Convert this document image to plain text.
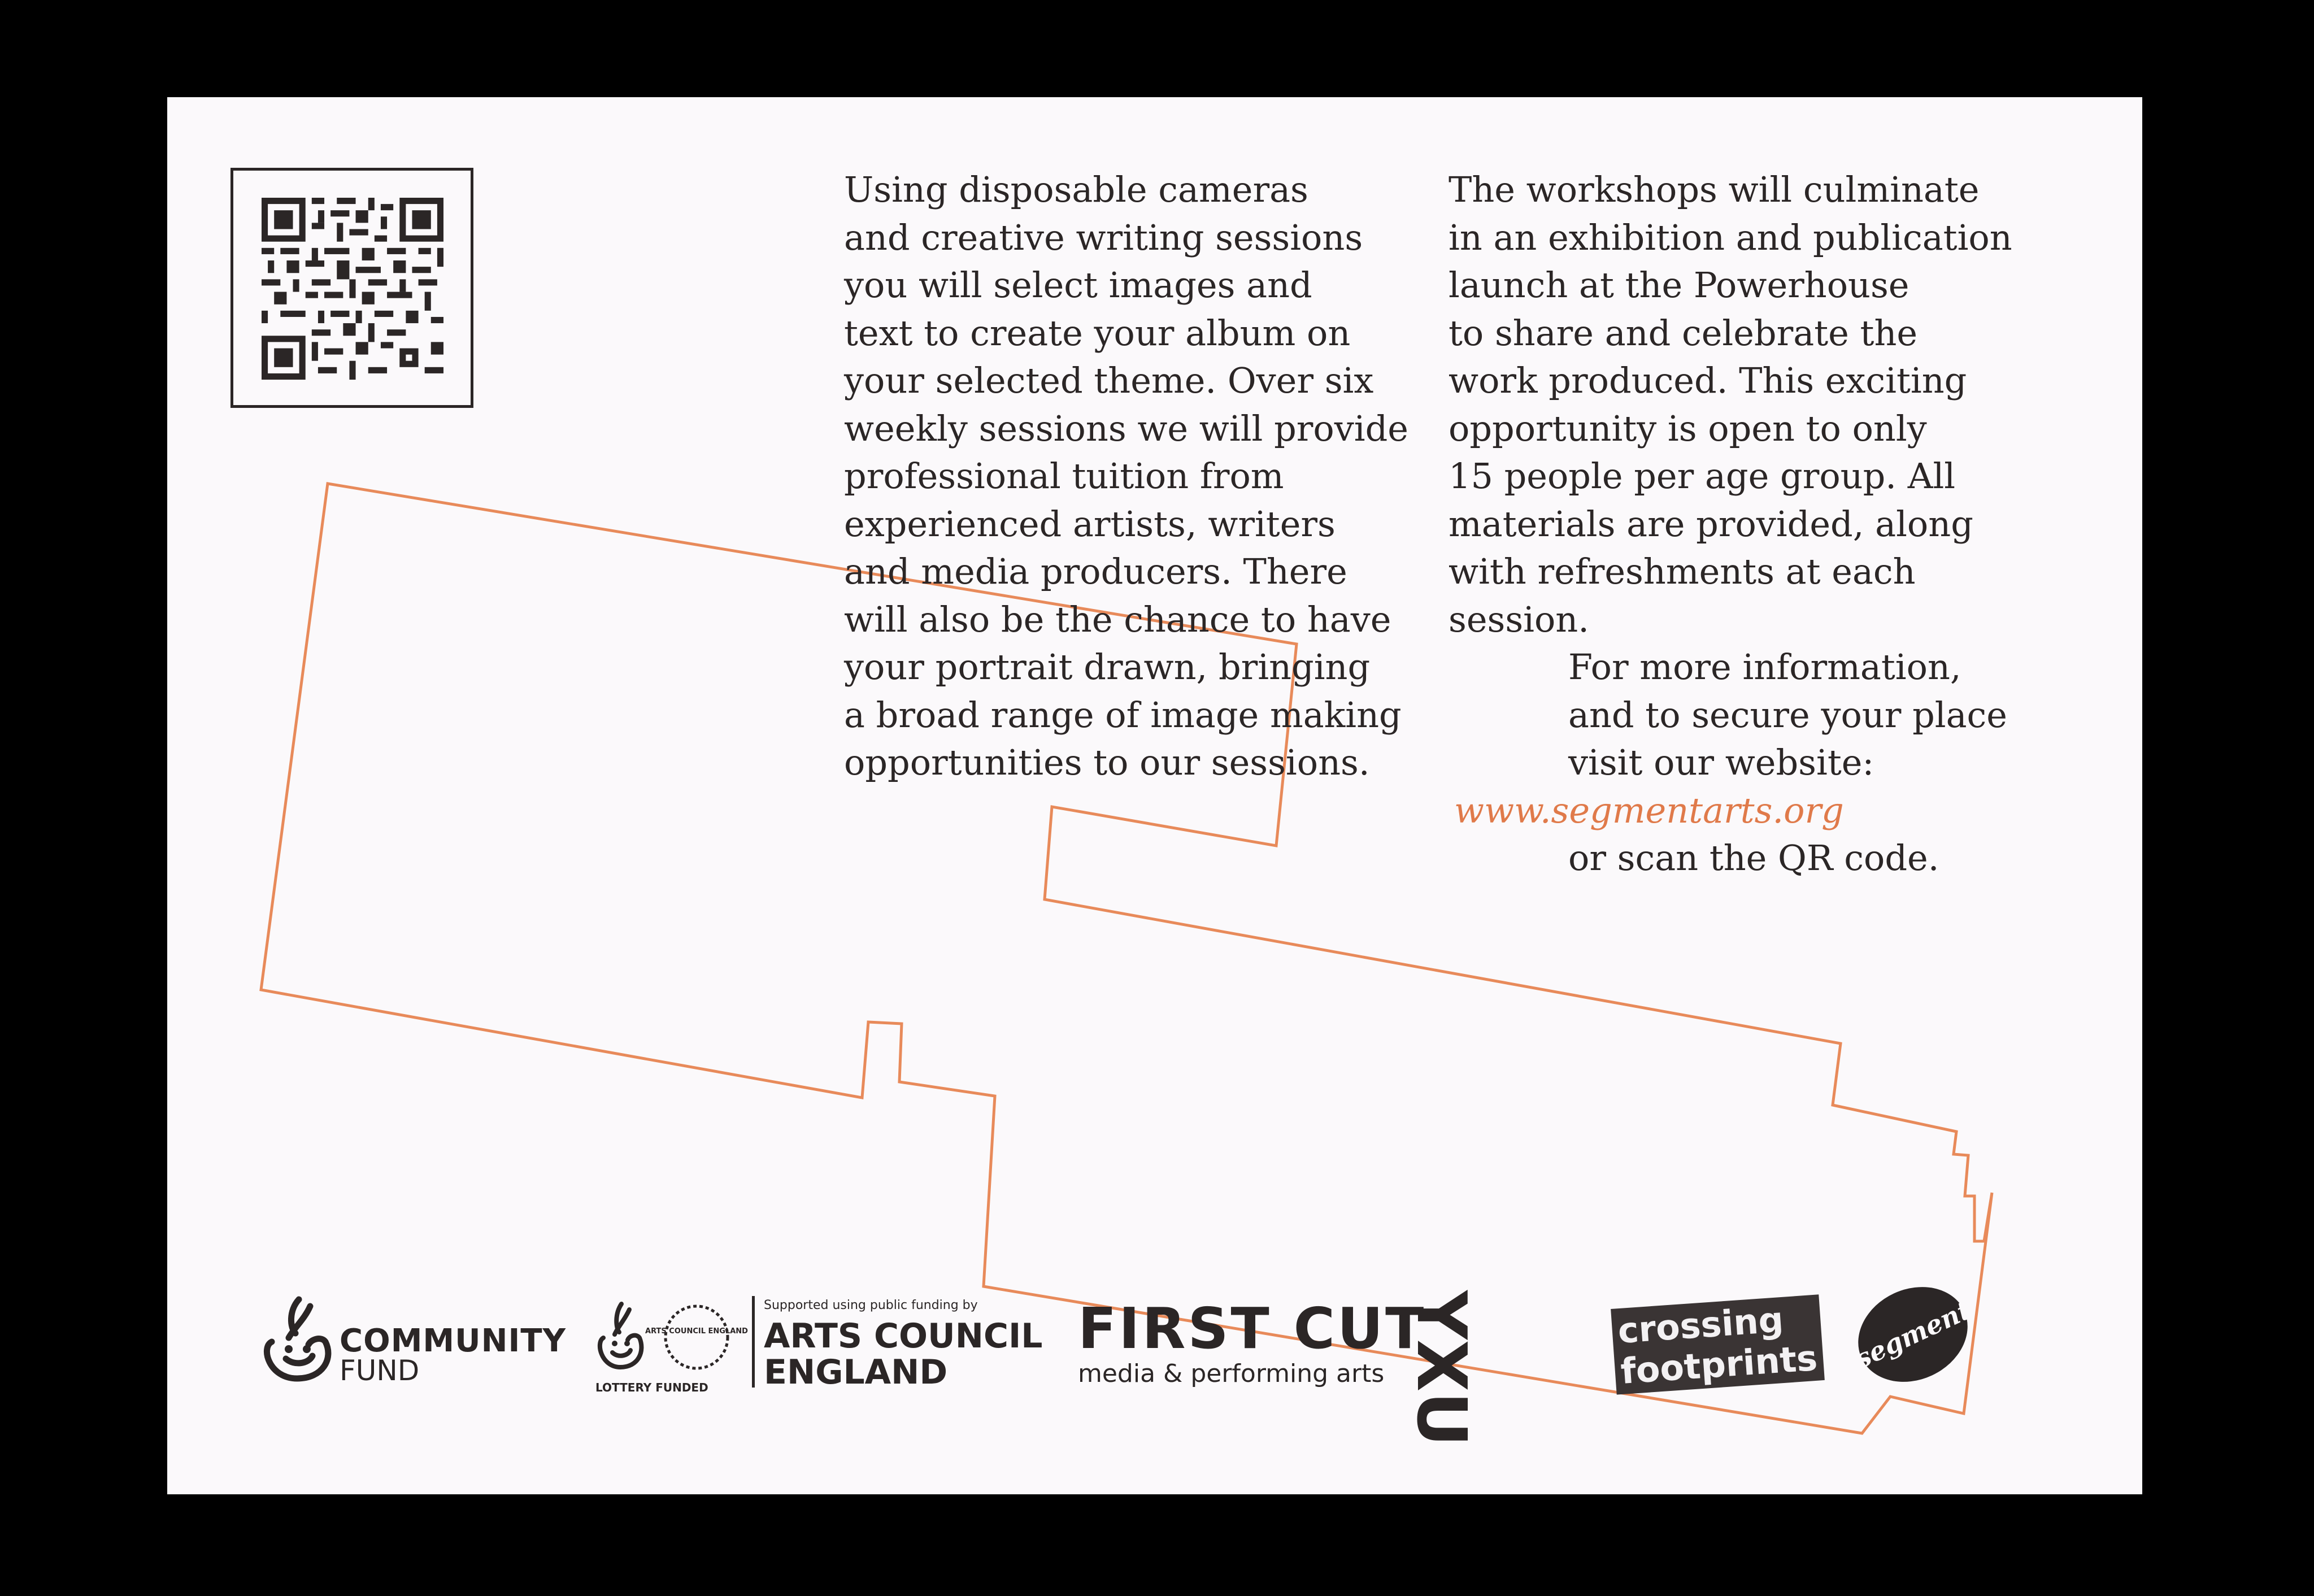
Using disposable cameras
and creative writing sessions
you will select images and
text to create your album on
your selected theme. Over six
weekly sessions we will provide
professional tuition from
experienced artists, writers
and media producers. There
will also be the chance to have
your portrait drawn, bringing
a broad range of image making
opportunities to our sessions.
The workshops will culminate
in an exhibition and publication
launch at the Powerhouse
to share and celebrate the
work produced. This exciting
opportunity is open to only
15 people per age group. All
materials are provided, along
with refreshments at each
session.
For more information,
and to secure your place
visit our website:
www.segmentarts.org
or scan the QR code.
COMMUNITY
FUND
ARTS COUNCIL ENGLAND
LOTTERY FUNDED
Supported using public funding by
ARTS COUNCIL
ENGLAND
FIRST CUT
media & performing arts YXU	crossing
footprints segment
